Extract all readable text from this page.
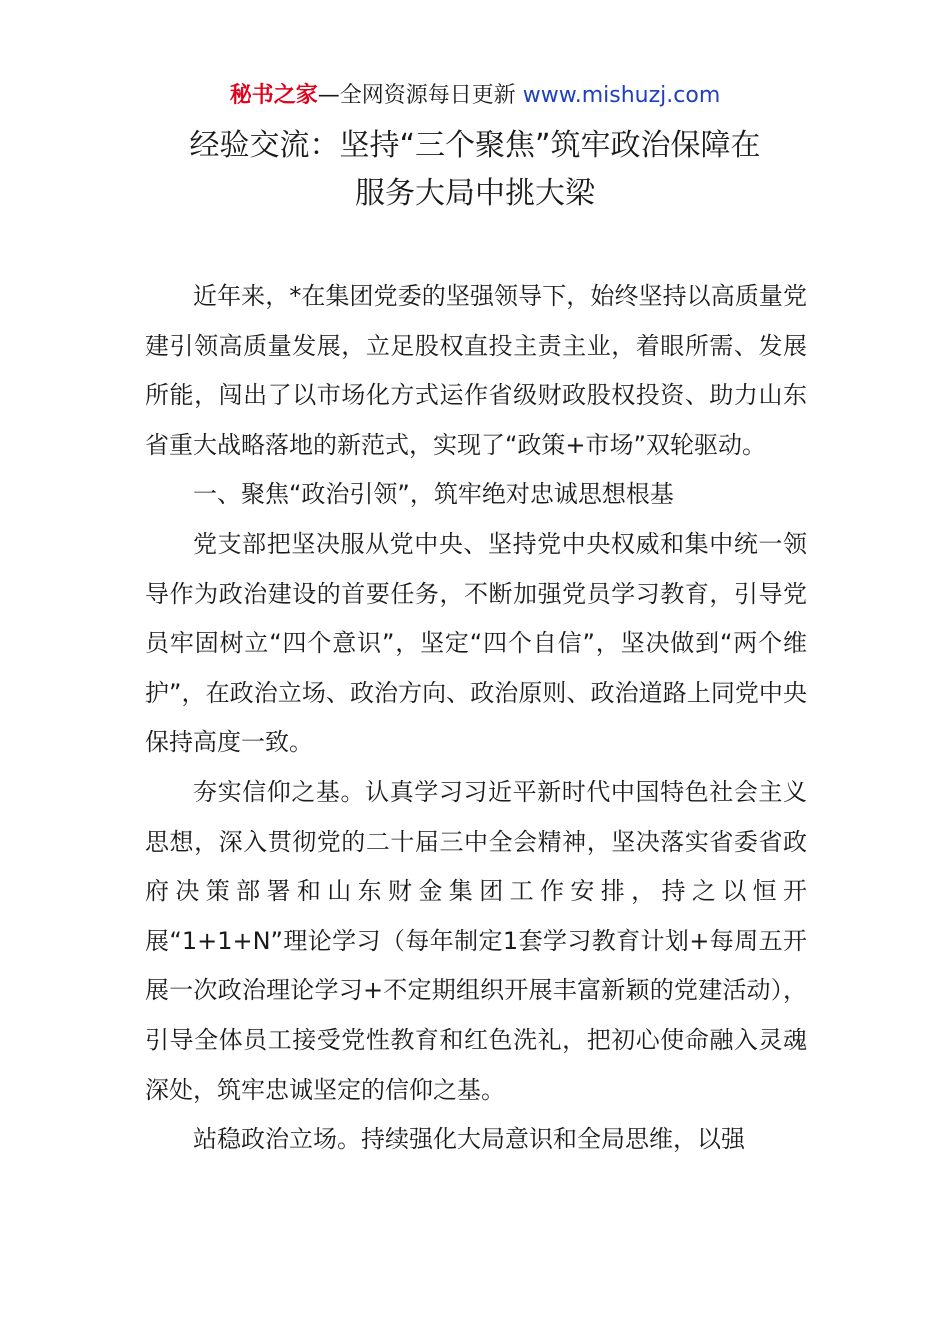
秘书之家—全网资源每日更新 www.mishuzj.com
经验交流：坚持“三个聚焦”筑牢政治保障在
服务大局中挑大梁

近年来，*在集团党委的坚强领导下，始终坚持以高质量党建引领高质量发展，立足股权直投主责主业，着眼所需、发展所能，闯出了以市场化方式运作省级财政股权投资、助力山东省重大战略落地的新范式，实现了“政策+市场”双轮驱动。

一、聚焦“政治引领”，筑牢绝对忠诚思想根基

党支部把坚决服从党中央、坚持党中央权威和集中统一领导作为政治建设的首要任务，不断加强党员学习教育，引导党员牢固树立“四个意识”，坚定“四个自信”，坚决做到“两个维护”，在政治立场、政治方向、政治原则、政治道路上同党中央保持高度一致。

夯实信仰之基。认真学习习近平新时代中国特色社会主义思想，深入贯彻党的二十届三中全会精神，坚决落实省委省政府决策部署和山东财金集团工作安排，持之以恒开展“1+1+N”理论学习（每年制定1套学习教育计划+每周五开展一次政治理论学习+不定期组织开展丰富新颖的党建活动），引导全体员工接受党性教育和红色洗礼，把初心使命融入灵魂深处，筑牢忠诚坚定的信仰之基。

站稳政治立场。持续强化大局意识和全局思维，以强
